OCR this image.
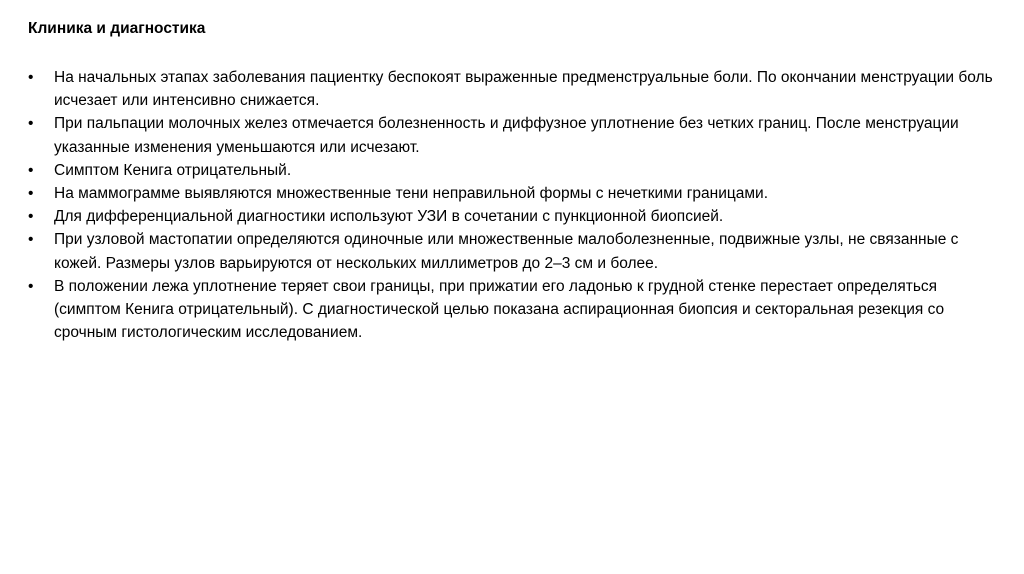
Клиника и диагностика
•	На начальных этапах заболевания пациентку беспокоят выраженные предменструальные боли. По окончании менструации боль исчезает или интенсивно снижается.
•	При пальпации молочных желез отмечается болезненность и диффузное уплотнение без четких границ. После менструации указанные изменения уменьшаются или исчезают.
•	Симптом Кенига отрицательный.
•	На маммограмме выявляются множественные тени неправильной формы с нечеткими границами.
•	Для дифференциальной диагностики используют УЗИ в сочетании с пункционной биопсией.
•	При узловой мастопатии определяются одиночные или множественные малоболезненные, подвижные узлы, не связанные с кожей. Размеры узлов варьируются от нескольких миллиметров до 2–3 см и более.
•	В положении лежа уплотнение теряет свои границы, при прижатии его ладонью к грудной стенке перестает определяться (симптом Кенига отрицательный). С диагностической целью показана аспирационная биопсия и секторальная резекция со срочным гистологическим исследованием.
